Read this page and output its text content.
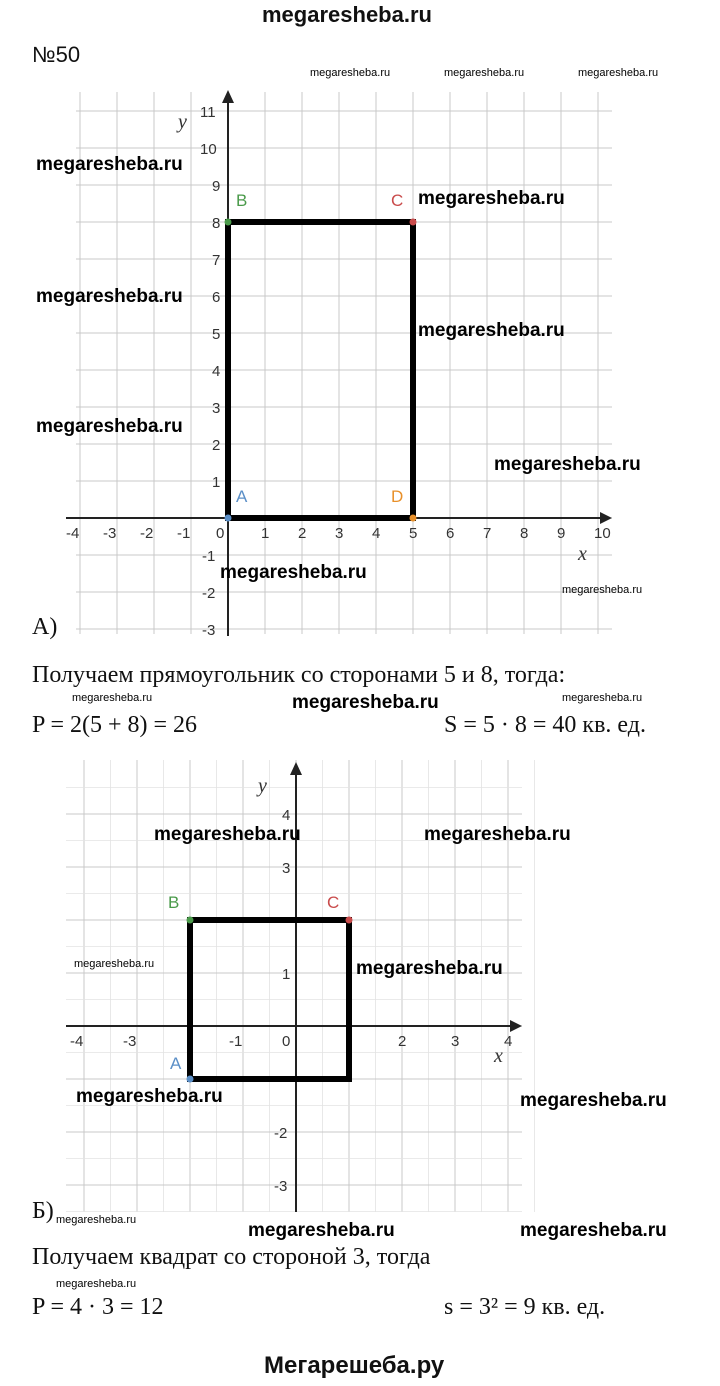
megaresheba.ru
№50
-4 -3 -2 -1 0 1 2 3 4 5 6 7 8 9 10
1
2
3
4
5
6
7
8
9
10
11
-1
-2
-3
x
y
A
B	C
D
-4	-3	-1	0	2	3	4
4
3
1
-2
-3
x
y
A
B	C
А)
Получаем прямоугольник со сторонами 5 и 8, тогда:
P = 2(5 + 8) = 26	S = 5 · 8 = 40 кв. ед.
Б)
Получаем квадрат со стороной 3, тогда
P = 4 · 3 = 12	s = 3² = 9 кв. ед.
Мегарешеба.ру
megaresheba.ru	megaresheba.ru	megaresheba.ru
megaresheba.ru
megaresheba.ru
megaresheba.ru
megaresheba.ru
megaresheba.ru
megaresheba.ru
megaresheba.ru
megaresheba.ru
megaresheba.ru	megaresheba.ru	megaresheba.ru
megaresheba.ru	megaresheba.ru
megaresheba.ru	megaresheba.ru
megaresheba.ru	megaresheba.ru
megaresheba.ru	megaresheba.ru	megaresheba.ru
megaresheba.ru
